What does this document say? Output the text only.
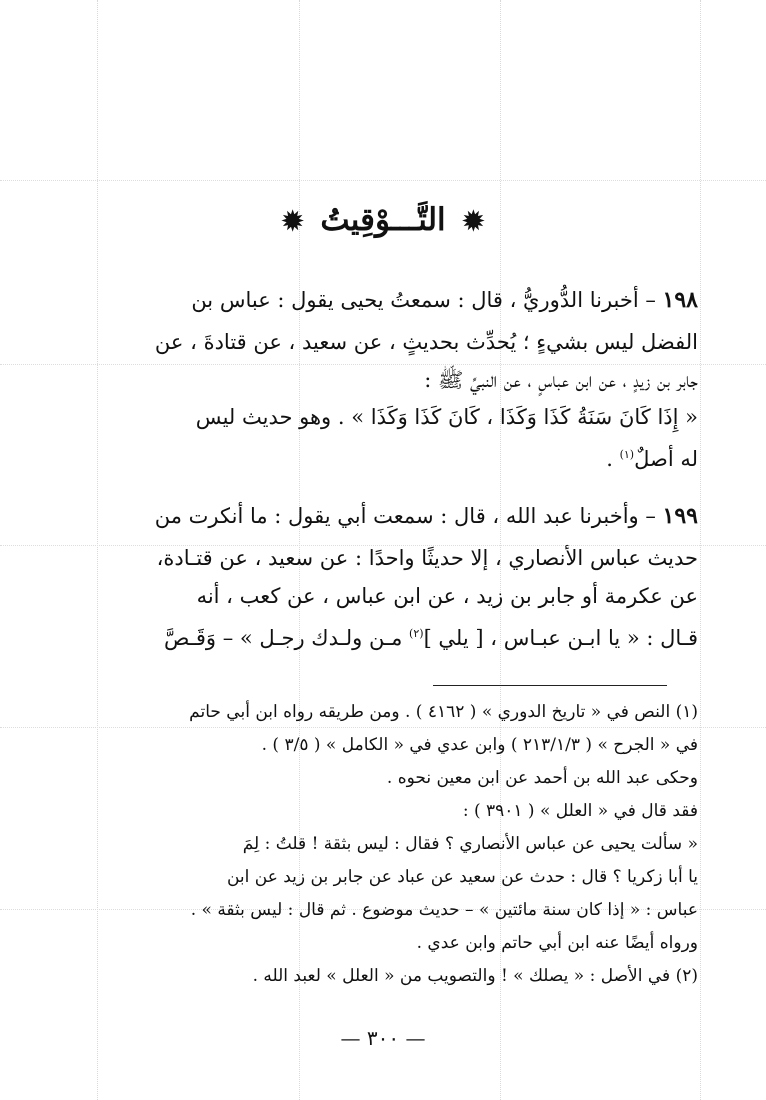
✹ التَّـــوْقِيتُ ✹
١٩٨ – أخبرنا الدُّوريُّ ، قال : سمعتُ يحيى يقول : عباس بن
الفضل ليس بشيءٍ ؛ يُحدِّث بحديثٍ ، عن سعيد ، عن قتادةَ ، عن
جابر بن زيدٍ ، عن ابن عباسٍ ، عن النبيِّ ﷺ :
« إِذَا كَانَ سَنَةُ كَذَا وَكَذَا ، كَانَ كَذَا وَكَذَا » . وهو حديث ليس
له أصلٌ$^{(١)}$ .
١٩٩ – وأخبرنا عبد الله ، قال : سمعت أبي يقول : ما أنكرت من
حديث عباس الأنصاري ، إلا حديثًا واحدًا : عن سعيد ، عن قتـادة،
عن عكرمة أو جابر بن زيد ، عن ابن عباس ، عن كعب ، أنه
قـال : « يا ابـن عبـاس ، [ يلي ]$^{(٢)}$ مـن ولـدك رجـل » – وَقَـصَّ
(١) النص في « تاريخ الدوري » ( ٤١٦٢ ) . ومن طريقه رواه ابن أبي حاتم
في « الجرح » ( ٢١٣/١/٣ ) وابن عدي في « الكامل » ( ٣/٥ ) .
وحكى عبد الله بن أحمد عن ابن معين نحوه .
فقد قال في « العلل » ( ٣٩٠١ ) :
« سألت يحيى عن عباس الأنصاري ؟ فقال : ليس بثقة ! قلتُ : لِمَ
يا أبا زكريا ؟ قال : حدث عن سعيد عن عباد عن جابر بن زيد عن ابن
عباس : « إذا كان سنة مائتين » – حديث موضوع . ثم قال : ليس بثقة » .
ورواه أيضًا عنه ابن أبي حاتم وابن عدي .
(٢) في الأصل : « يصلك » ! والتصويب من « العلل » لعبد الله .
— ٣٠٠ —
